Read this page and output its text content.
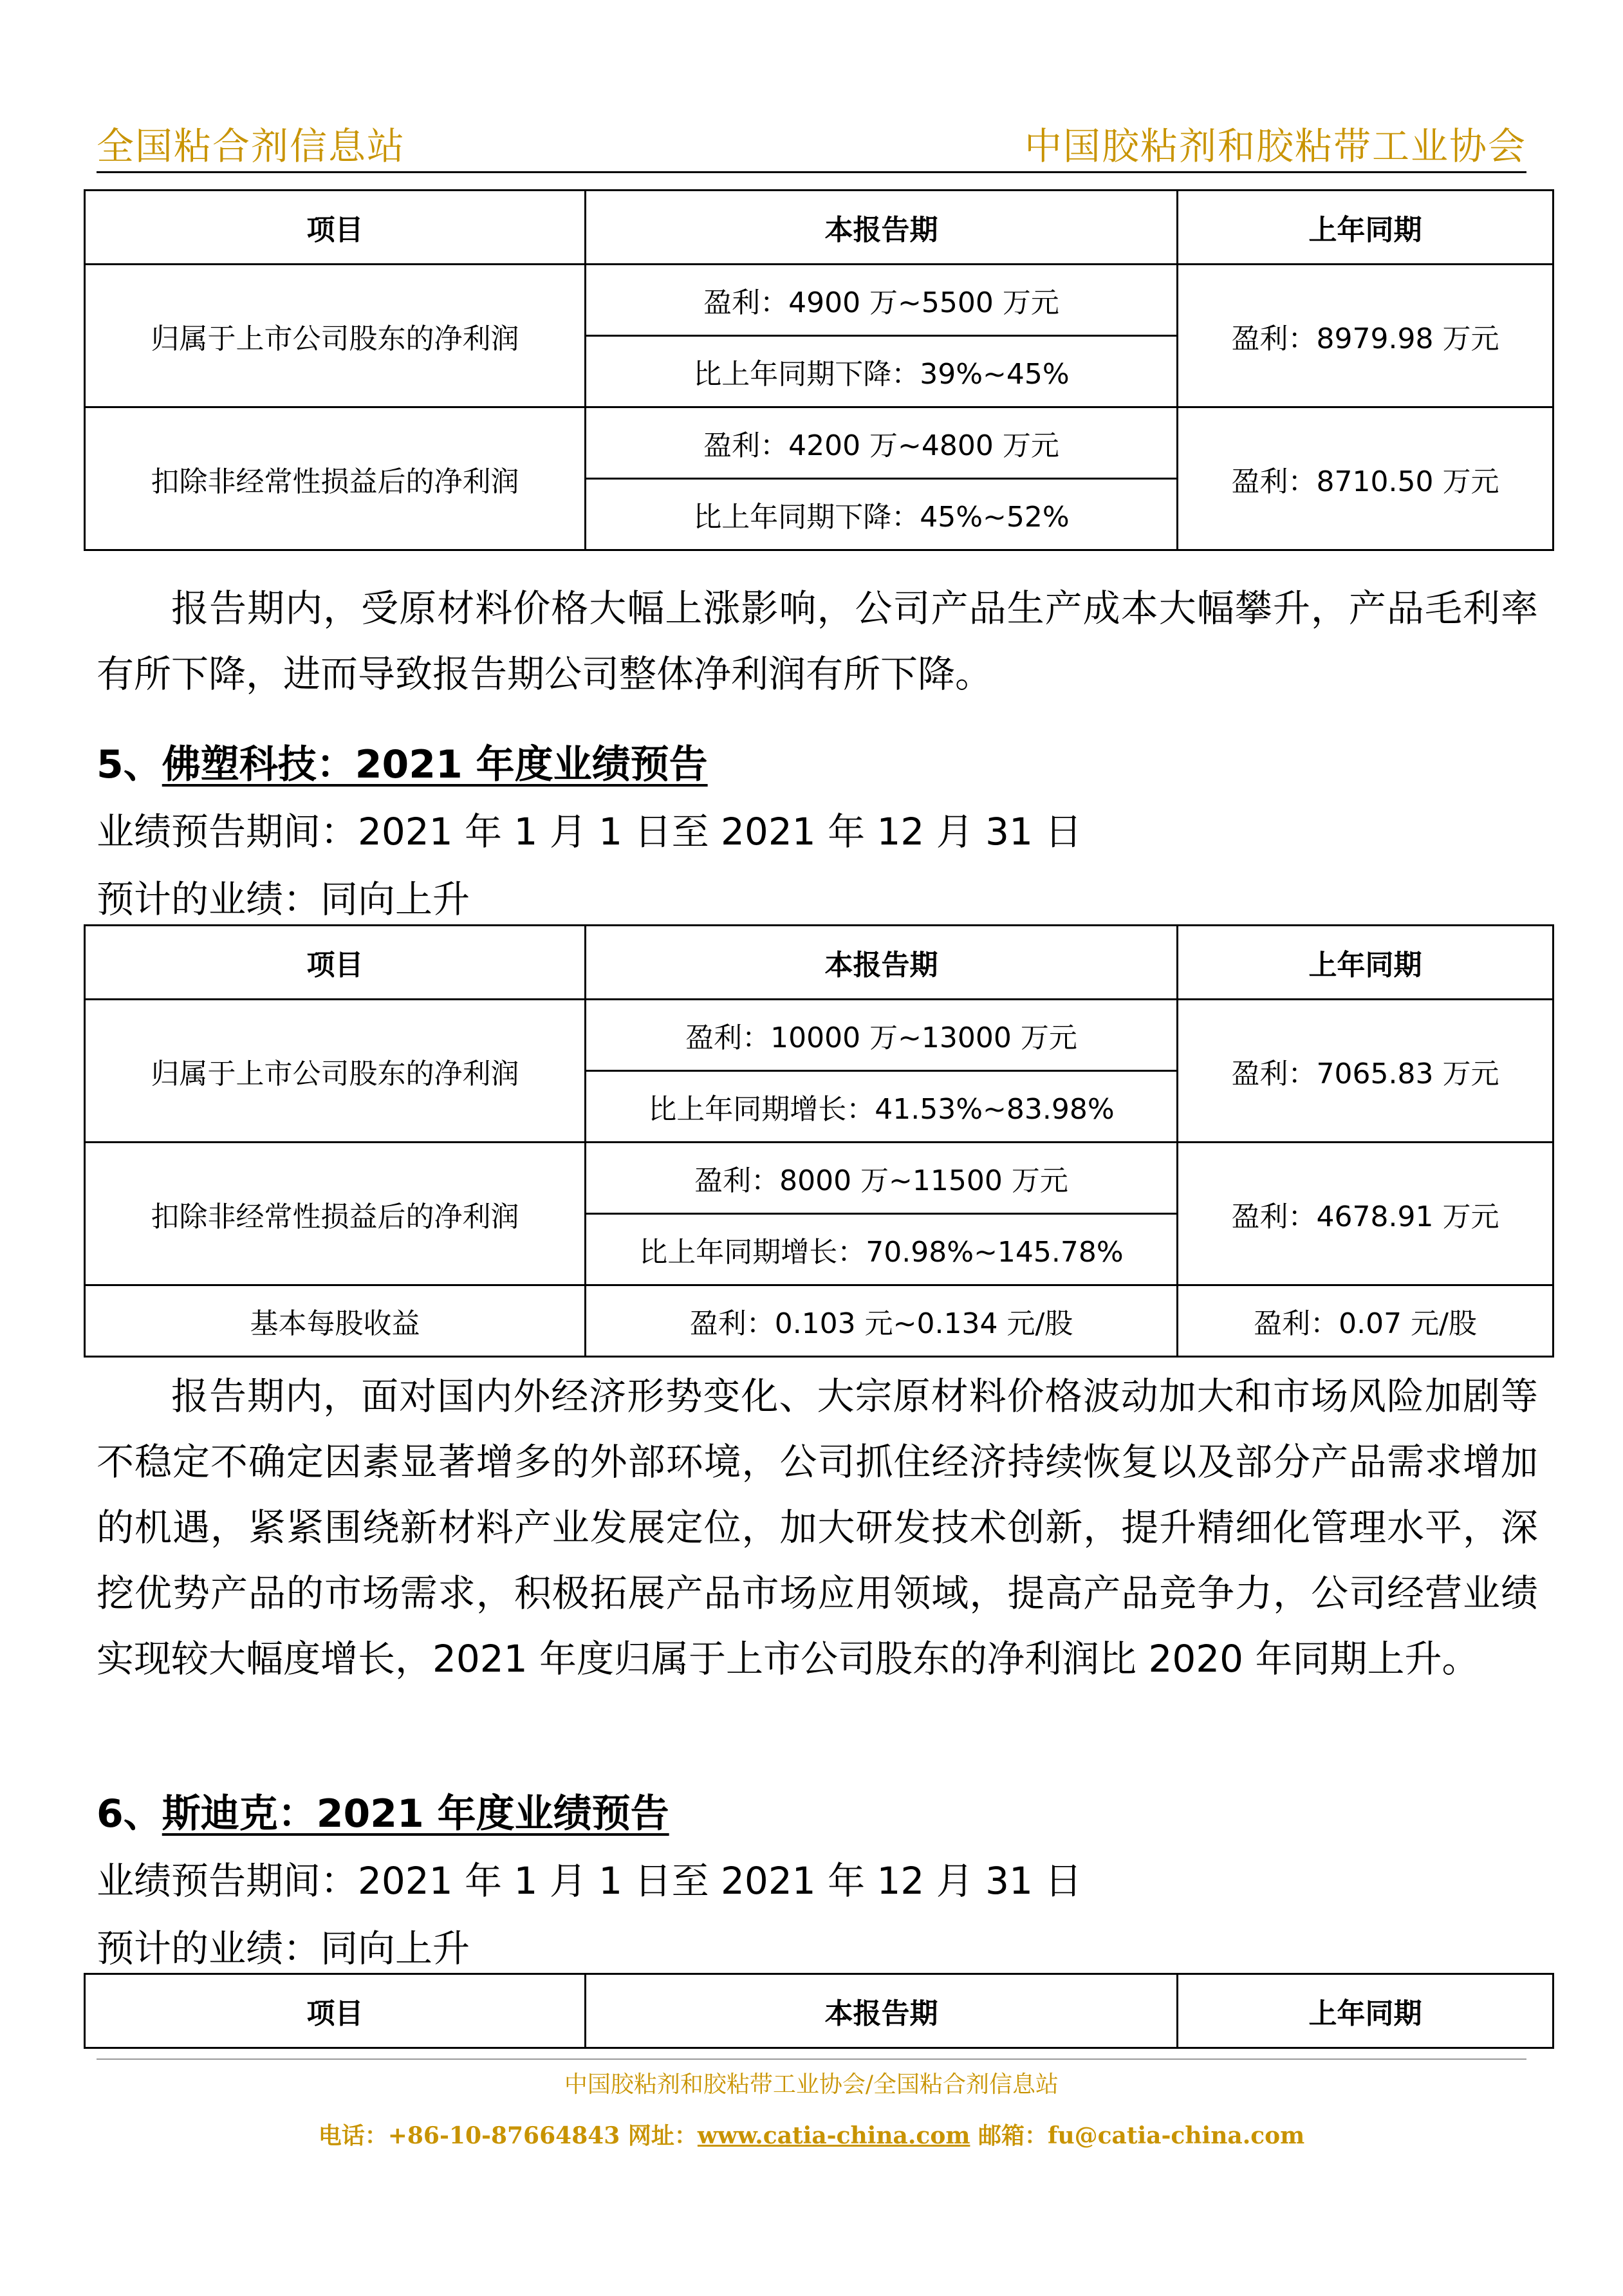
全国粘合剂信息站	中国胶粘剂和胶粘带工业协会
项目	本报告期	上年同期
归属于上市公司股东的净利润	盈利：4900 万~5500 万元	盈利：8979.98 万元
	比上年同期下降：39%~45%	
扣除非经常性损益后的净利润	盈利：4200 万~4800 万元	盈利：8710.50 万元
	比上年同期下降：45%~52%	
报告期内，受原材料价格大幅上涨影响，公司产品生产成本大幅攀升，产品毛利率有所下降，进而导致报告期公司整体净利润有所下降。
5、佛塑科技：2021 年度业绩预告
业绩预告期间：2021 年 1 月 1 日至 2021 年 12 月 31 日
预计的业绩：同向上升
项目	本报告期	上年同期
归属于上市公司股东的净利润	盈利：10000 万~13000 万元	盈利：7065.83 万元
	比上年同期增长：41.53%~83.98%	
扣除非经常性损益后的净利润	盈利：8000 万~11500 万元	盈利：4678.91 万元
	比上年同期增长：70.98%~145.78%	
基本每股收益	盈利：0.103 元~0.134 元/股	盈利：0.07 元/股
报告期内，面对国内外经济形势变化、大宗原材料价格波动加大和市场风险加剧等不稳定不确定因素显著增多的外部环境，公司抓住经济持续恢复以及部分产品需求增加的机遇，紧紧围绕新材料产业发展定位，加大研发技术创新，提升精细化管理水平，深挖优势产品的市场需求，积极拓展产品市场应用领域，提高产品竞争力，公司经营业绩实现较大幅度增长，2021 年度归属于上市公司股东的净利润比 2020 年同期上升。
6、斯迪克：2021 年度业绩预告
业绩预告期间：2021 年 1 月 1 日至 2021 年 12 月 31 日
预计的业绩：同向上升
项目	本报告期	上年同期
中国胶粘剂和胶粘带工业协会/全国粘合剂信息站
电话：+86-10-87664843 网址：www.catia-china.com 邮箱：fu@catia-china.com
